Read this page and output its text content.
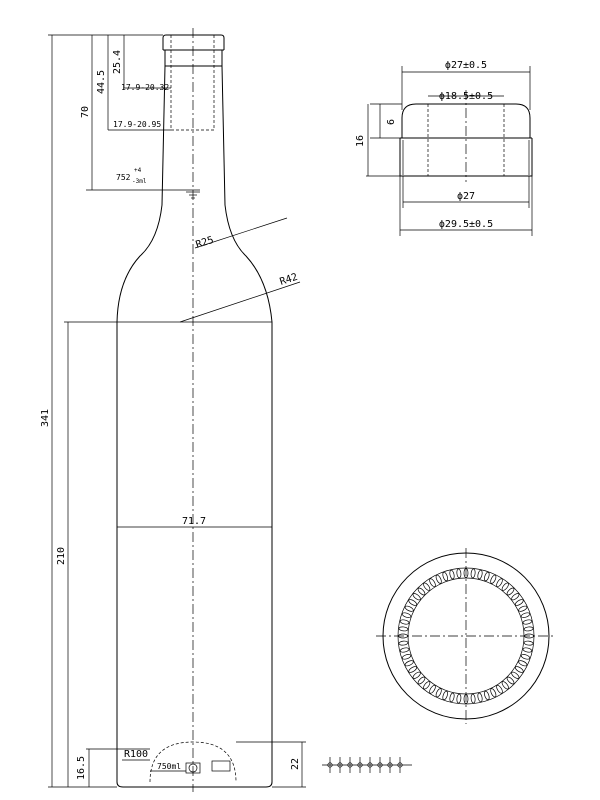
341
70
44.5
25.4
17.9-20.32
17.9-20.95
752
+4
-3ml
R25
R42
71.7
210
16.5
R100
750ml	22
ϕ27±0.5
ϕ18.5±0.5
6
16
ϕ27
ϕ29.5±0.5
